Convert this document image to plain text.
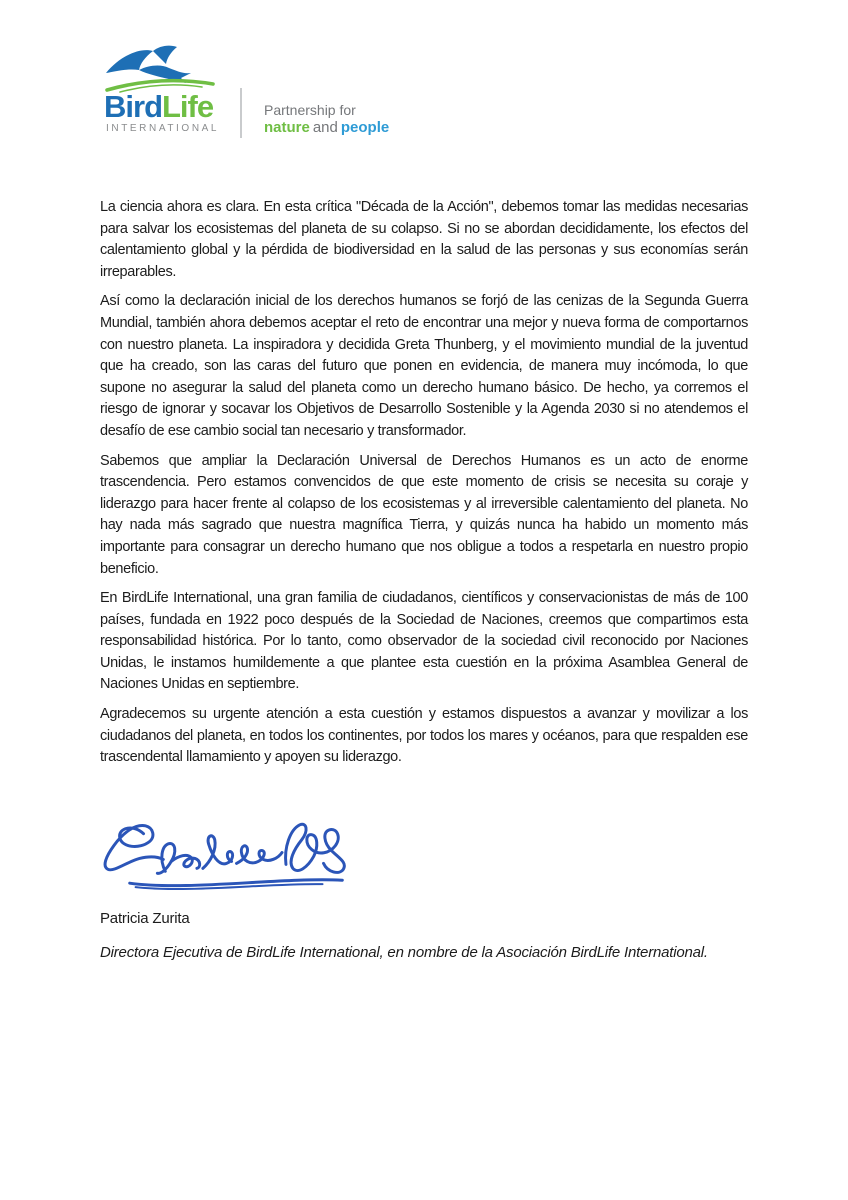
BirdLife
INTERNATIONAL
Partnership for
nature and people

La ciencia ahora es clara. En esta crítica "Década de la Acción", debemos tomar las medidas necesarias para salvar los ecosistemas del planeta de su colapso. Si no se abordan decididamente, los efectos del calentamiento global y la pérdida de biodiversidad en la salud de las personas y sus economías serán irreparables.

Así como la declaración inicial de los derechos humanos se forjó de las cenizas de la Segunda Guerra Mundial, también ahora debemos aceptar el reto de encontrar una mejor y nueva forma de comportarnos con nuestro planeta. La inspiradora y decidida Greta Thunberg, y el movimiento mundial de la juventud que ha creado, son las caras del futuro que ponen en evidencia, de manera muy incómoda, lo que supone no asegurar la salud del planeta como un derecho humano básico. De hecho, ya corremos el riesgo de ignorar y socavar los Objetivos de Desarrollo Sostenible y la Agenda 2030 si no atendemos el desafío de ese cambio social tan necesario y transformador.

Sabemos que ampliar la Declaración Universal de Derechos Humanos es un acto de enorme trascendencia. Pero estamos convencidos de que este momento de crisis se necesita su coraje y liderazgo para hacer frente al colapso de los ecosistemas y al irreversible calentamiento del planeta. No hay nada más sagrado que nuestra magnífica Tierra, y quizás nunca ha habido un momento más importante para consagrar un derecho humano que nos obligue a todos a respetarla en nuestro propio beneficio.

En BirdLife International, una gran familia de ciudadanos, científicos y conservacionistas de más de 100 países, fundada en 1922 poco después de la Sociedad de Naciones, creemos que compartimos esta responsabilidad histórica. Por lo tanto, como observador de la sociedad civil reconocido por Naciones Unidas, le instamos humildemente a que plantee esta cuestión en la próxima Asamblea General de Naciones Unidas en septiembre.

Agradecemos su urgente atención a esta cuestión y estamos dispuestos a avanzar y movilizar a los ciudadanos del planeta, en todos los continentes, por todos los mares y océanos, para que respalden ese trascendental llamamiento y apoyen su liderazgo.

Patricia Zurita
Directora Ejecutiva de BirdLife International, en nombre de la Asociación BirdLife International.
